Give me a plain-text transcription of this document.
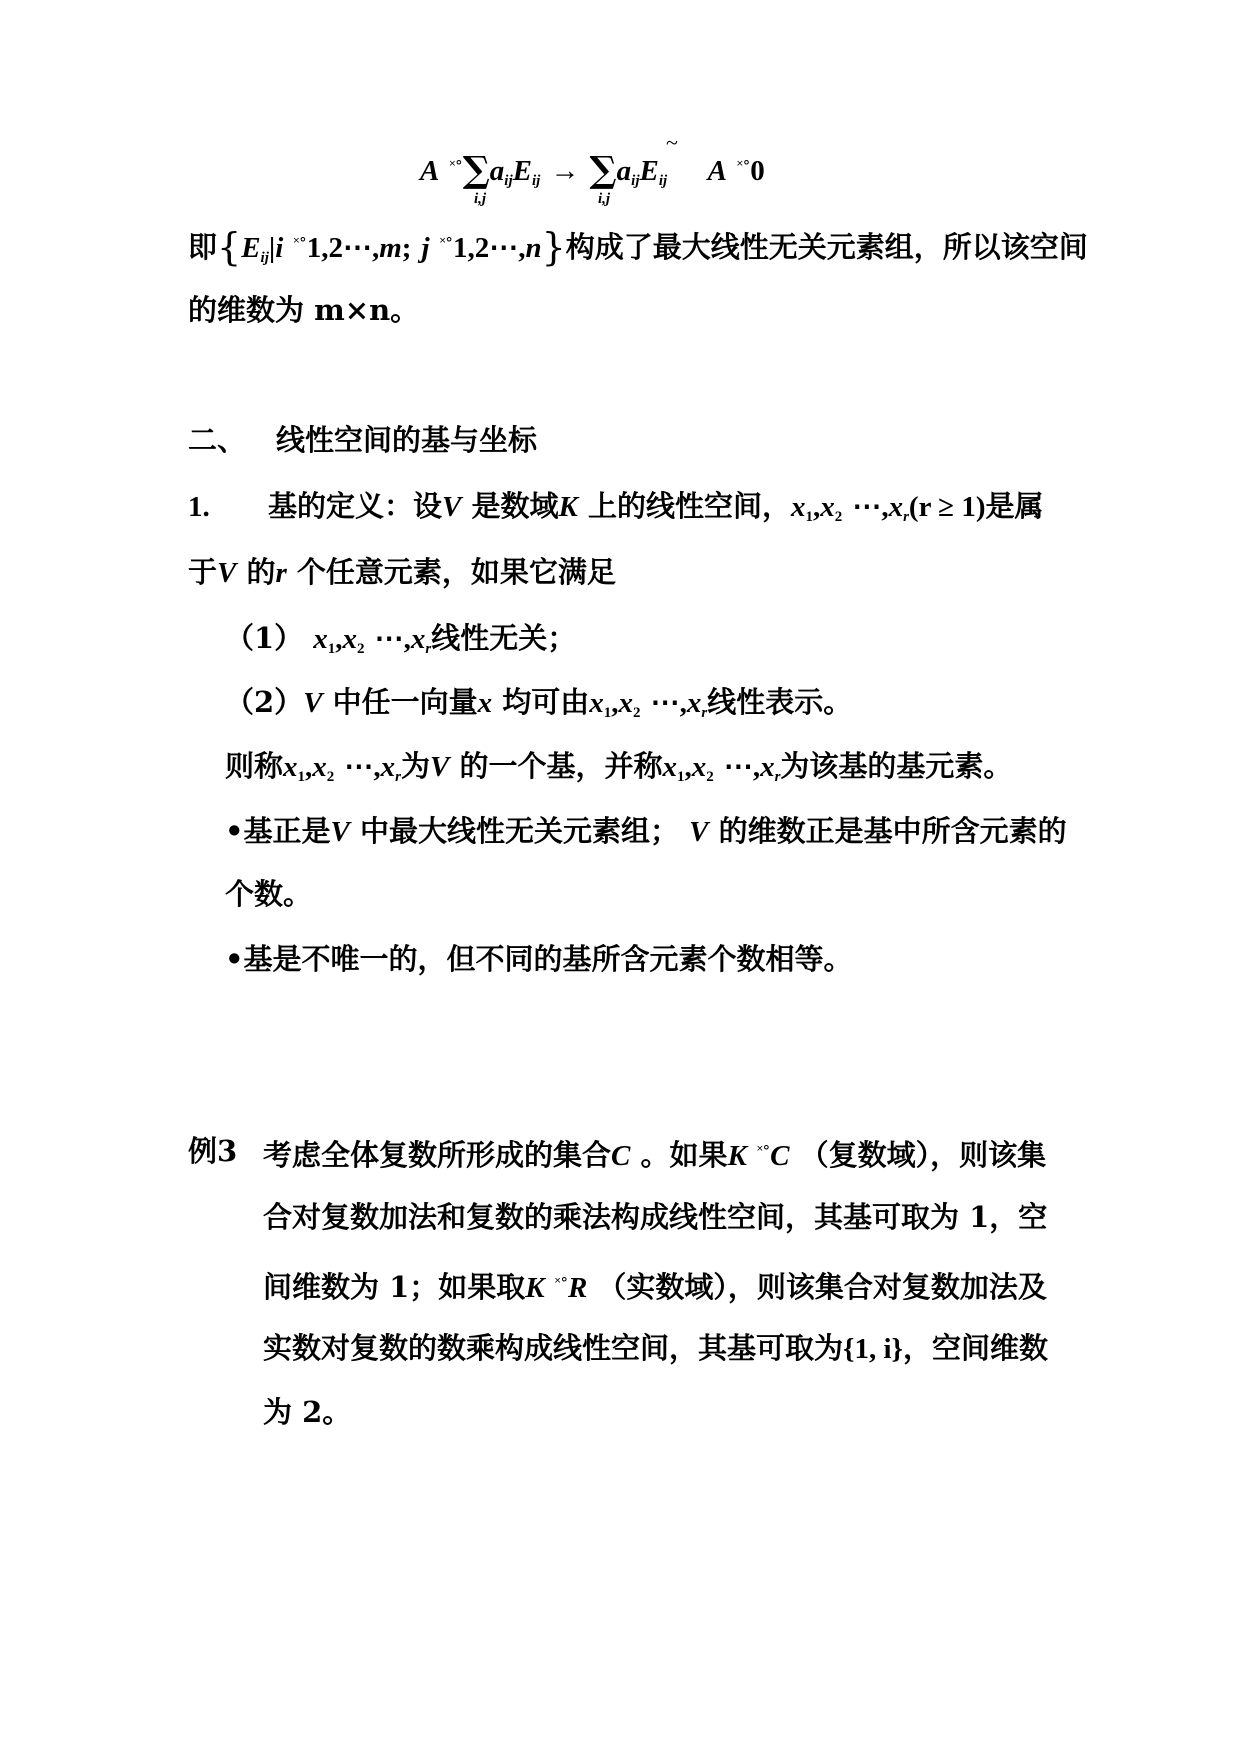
A $^{˟^\circ}\sum a_{ij}E_{ij} \to \sum a_{ij}E_{ij}$ A ˟°0
i,j	i,j
~
即{$E_{ij}|i$ ˟°1,2⋯,m; j ˟°1,2⋯,n}构成了最大线性无关元素组，所以该空间
的维数为 m×n。
二、 线性空间的基与坐标
1. 基的定义：设V 是数域K 上的线性空间，$x_1,x_2$ $\cdots,x_r(r \ge 1)$是属
于V 的r 个任意元素，如果它满足
（1） $x_1,x_2$ $\cdots,x_r$线性无关；
（2）V 中任一向量x 均可由$x_1,x_2$ $\cdots,x_r$线性表示。
则称$x_1,x_2$ $\cdots,x_r$为V 的一个基，并称$x_1,x_2$ $\cdots,x_r$为该基的基元素。
•基正是V 中最大线性无关元素组； V 的维数正是基中所含元素的
个数。
•基是不唯一的，但不同的基所含元素个数相等。
例3 考虑全体复数所形成的集合C 。如果K ˟°C （复数域），则该集
合对复数加法和复数的乘法构成线性空间，其基可取为 1，空
间维数为 1；如果取K ˟°R （实数域），则该集合对复数加法及
实数对复数的数乘构成线性空间，其基可取为{1, i}，空间维数
为 2。
